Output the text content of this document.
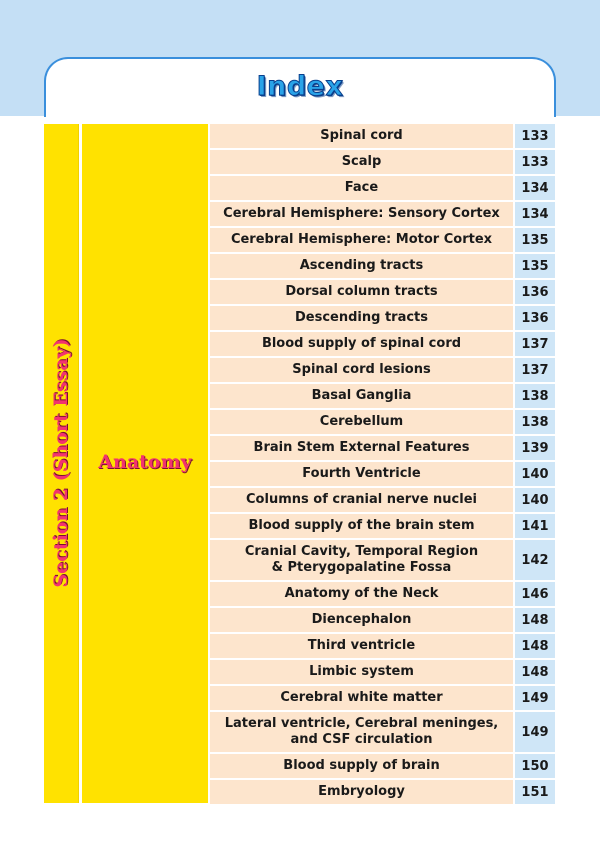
Index
Section 2 (Short Essay)	Anatomy
Spinal cord	133
Scalp	133
Face	134
Cerebral Hemisphere: Sensory Cortex	134
Cerebral Hemisphere: Motor Cortex	135
Ascending tracts	135
Dorsal column tracts	136
Descending tracts	136
Blood supply of spinal cord	137
Spinal cord lesions	137
Basal Ganglia	138
Cerebellum	138
Brain Stem External Features	139
Fourth Ventricle	140
Columns of cranial nerve nuclei	140
Blood supply of the brain stem	141
Cranial Cavity, Temporal Region
& Pterygopalatine Fossa	142
Anatomy of the Neck	146
Diencephalon	148
Third ventricle	148
Limbic system	148
Cerebral white matter	149
Lateral ventricle, Cerebral meninges,
and CSF circulation	149
Blood supply of brain	150
Embryology	151
